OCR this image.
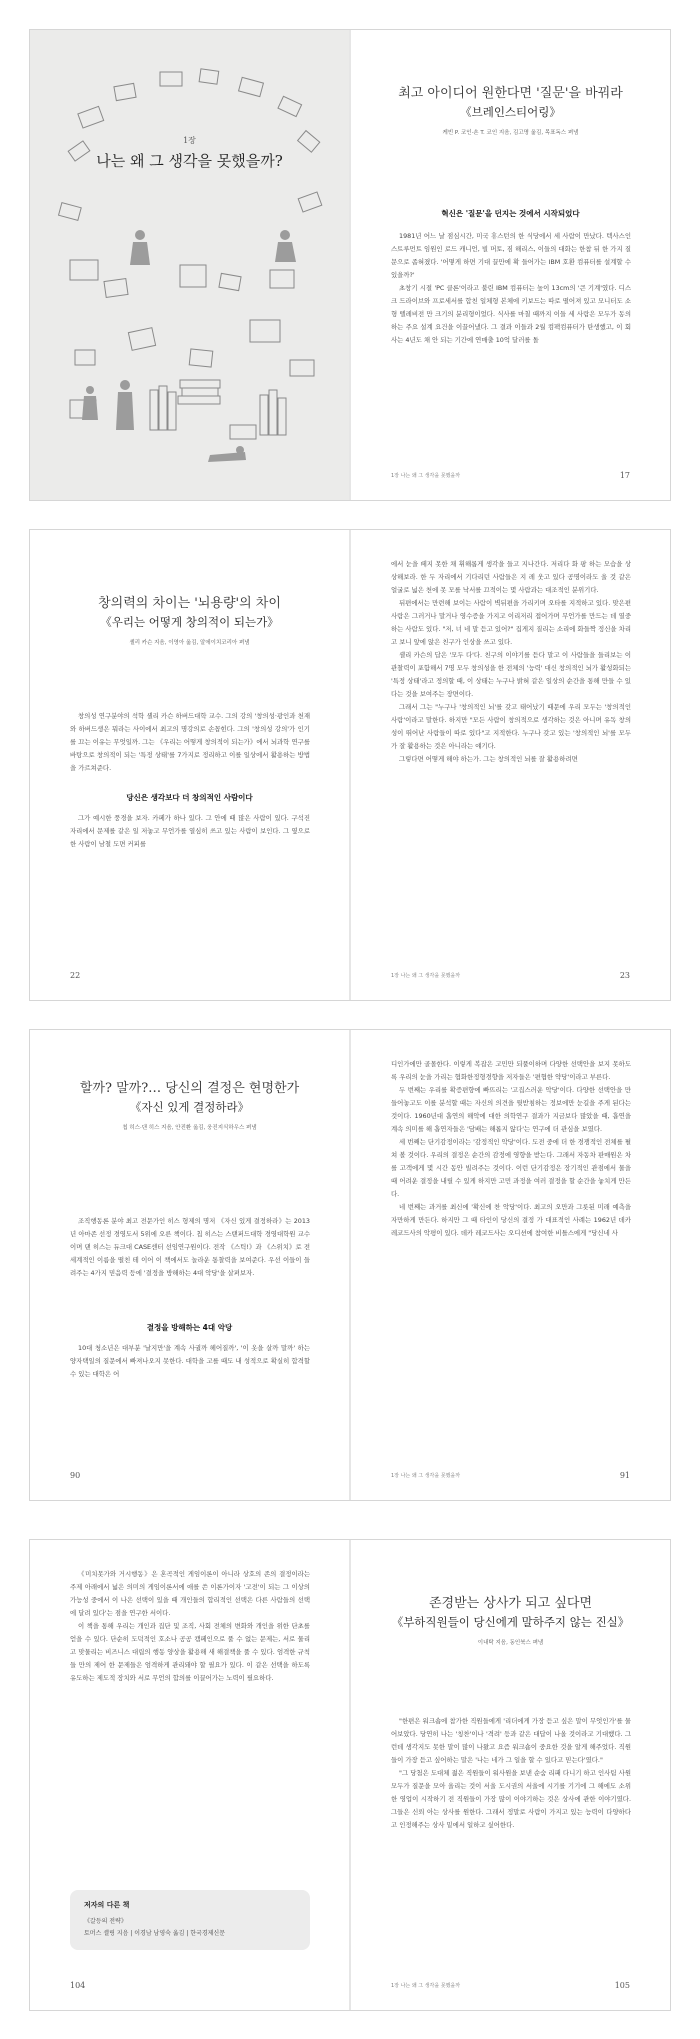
1장
나는 왜 그 생각을 못했을까?
최고 아이디어 원한다면 '질문'을 바꿔라
《브레인스티어링》
케빈 P. 코인·숀 T. 코인 지음, 김고명 옮김, 목표독스 펴냄
혁신은 '질문'을 던지는 것에서 시작되었다

1981년 어느 날 점심시간, 미국 휴스턴의 한 식당에서 세 사람이 만났다. 텍사스인스트루먼트 임원인 로드 캐니언, 빌 머토, 짐 해리스, 이들의 대화는 한참 뒤 한 가지 질문으로 좁혀졌다. '어떻게 하면 기대 끌만에 확 들어가는 IBM 호환 컴퓨터를 설계할 수 있을까?'

초창기 시절 'PC 클론'이라고 불린 IBM 컴퓨터는 높이 13cm의 '큰 기계'였다. 디스크 드라이브와 프로세서를 합친 일체형 본체에 키보드는 따로 떨어져 있고 모니터도 소형 텔레비전 만 크기의 분리형이었다. 식사를 마칠 때까지 이들 세 사람은 모두가 동의하는 주요 설계 요건을 이끌어냈다. 그 결과 이들과 2월 컴팩컴퓨터가 탄생했고, 이 회사는 4년도 채 안 되는 기간에 연매출 10억 달러를 돌

1장 나는 왜 그 생각을 못했을까	17
창의력의 차이는 '뇌용량'의 차이
《우리는 어떻게 창의적이 되는가》
셸리 카슨 지음, 이영아 옮김, 알에이치코리아 펴냄

창의성 연구분야의 석학 셸리 카슨 하버드대학 교수. 그의 강의 '창의성·광인과 천재와 하버드생은 뭐라는 사이에서 최고의 명강의로 손꼽힌다. 그의 '창의성 강의'가 인기를 끄는 이유는 무엇일까. 그는 《우리는 어떻게 창의적이 되는가》에서 뇌과학 연구를 바탕으로 창의적이 되는 '특정 상태'를 7가지로 정리하고 이를 일상에서 활용하는 방법을 가르쳐준다.

당신은 생각보다 더 창의적인 사람이다

그가 예시한 풍경을 보자. 카페가 하나 있다. 그 안에 때 많은 사람이 있다. 구석진 자리에서 문제를 같은 일 저놓고 무언가를 열심히 쓰고 있는 사람이 보인다. 그 옆으로 한 사람이 남철 도면 커피를

22

에서 눈을 떼지 못한 채 휘해롭게 생각을 들고 지나간다. 저리다 화 팡 하는 모습을 상상해보라. 한 두 자리에서 기다리던 사람들은 지 레 웃고 있다 공명이라도 울 것 같은 얼굴로 넓은 천에 못 모를 낙서를 끄적이는 몇 사람과는 대조적인 분위기다.

뒤편에서는 만련해 보이는 사람이 벽뒤편을 가리키며 오타를 지적하고 있다. 맞은편 사람은 그러거나 말거나 영수증을 가지고 이리저리 접어가며 무언가를 만드는 데 열중하는 사람도 있다. "저, 너 네 말 듣고 있어?" 집게지 질리는 소리에 화들짝 정신을 차리고 보니 앞에 앉은 친구가 인상을 쓰고 있다.

셸리 카슨의 답은 '모두 다'다. 친구의 이야기를 듣다 말고 이 사람들을 들리보는 이 관찰력이 포함해서 7명 모두 창의성을 한 전체의 '능력' 대신 창의적인 뇌가 활성화되는 '특정 상태'라고 정의할 때, 이 상태는 누구나 밝혀 같은 일상의 순간을 통해 만들 수 있다는 것을 보여주는 장면이다.

그래서 그는 "누구나 '창의적인 뇌'를 갖고 태어났기 때문에 우리 모두는 '창의적인 사람'이라고 말한다. 하지만 "모든 사람이 창의적으로 생각하는 것은 아니며 유독 창의성이 뛰어난 사람들이 따로 있다"고 지적한다. 누구나 갖고 있는 '창의적인 뇌'를 모두가 잘 활용하는 것은 아니라는 얘기다.

그렇다면 어떻게 해야 하는가. 그는 창의적인 뇌를 잘 활용하려면

1장 나는 왜 그 생각을 못했을까	23
할까? 말까?… 당신의 결정은 현명한가
《자신 있게 결정하라》
칩 히스·댄 히스 지음, 안진환 옮김, 웅진지식하우스 펴냄

조직행동론 분야 최고 전문가인 히스 형제의 명저 《자신 있게 결정하라》는 2013년 아마존 선정 경영도서 5위에 오른 책이다. 칩 히스는 스탠퍼드대학 경영대학원 교수이며 댄 히스는 듀크대 CASE센터 선임연구원이다. 전작 《스틱!》과 《스위치》로 전 세계적인 이름을 떨친 테 이어 이 책에서도 놀라운 통찰력을 보여준다. 우선 이들이 들려주는 4가지 믿음력 등에 '결정을 방해하는 4대 악당'을 살펴보자.

결정을 방해하는 4대 악당

10대 청소년은 대부분 '날지만'을 계속 사귈까 헤어질까', '이 옷을 살까 말까' 하는 양자택일의 질문에서 빠져나오지 못한다. 대학을 고를 때도 내 성적으로 확실히 합격할 수 있는 대학은 어

90

디인가에만 골몰한다. 이렇게 복잡은 고민만 되풀이하며 다양한 선택안을 보지 못하도록 우리의 눈을 가리는 협화한정형경향을 저자들은 '편협한 약당'이라고 부른다.

두 번째는 우리를 확증편향에 빠뜨리는 '고집스러운 악당'이다. 다양한 선택안을 만들어놓고도 이를 분석할 때는 자신의 의견을 뒷받침하는 정보에만 눈길을 주게 된다는 것이다. 1960년대 흡연의 해악에 대한 의학연구 결과가 지금보다 많았을 때, 흡연을 계속 의미를 해 흡연자들은 '담배는 해롭지 않다'는 연구에 더 관심을 보였다.

세 번째는 단기감정이라는 '감정적인 악당'이다. 도전 중에 더 한 경쟁적인 전체를 펼쳐 볼 것이다. 우리의 결정은 순간의 감정에 영향을 받는다. 그래서 자동차 판매원은 차를 고객에게 몇 시간 동안 빌려주는 것이다. 이런 단기감정은 장기적인 관점에서 물을 때 어려운 결정을 내릴 수 있게 하지만 고민 과정을 여러 결정을 할 순간을 놓치게 만든다.

네 번째는 과거를 최신에 '확신에 찬 악당'이다. 최고의 오만과 그릇된 미래 예측을 자만하게 만든다. 하지만 그 때 타인이 당신의 결정 가 대표적인 사례는 1962년 데카 레코드사의 악평이 있다. 데카 레코드사는 오디션에 참여한 비틀스에게 "당신네 사

1장 나는 왜 그 생각을 못했을까	91

《미치못가와 거시행동》은 혼곡적인 게임이론이 아니라 상호의 존의 결정이라는 주제 아래에서 넓은 의미의 게임이론서에 애를 쓴 이론가이자 '고전'이 되는 그 이상의 가능성 중에서 이 나은 선택이 있을 때 개인들의 합리적인 선택은 다른 사람들의 선택에 달려 있다'는 점을 연구한 서이다.

이 책을 통해 우리는 개인과 집단 및 조직, 사회 전체의 변화와 개인을 위한 단초를 얻을 수 있다. 단순히 도덕적인 호소나 공공 캠페인으로 풀 수 없는 문제는, 서로 물리고 맞물리는 비즈니스 대립의 행동 양상을 활용해 새 해결책을 풀 수 있다. 엄격한 규칙들 만의 제어 한 문제들은 엄격하게 관리돼야 할 필요가 있다. 이 같은 선택을 하도록 유도하는 제도적 장치와 서로 무언의 합의를 이끌어가는 노력이 필요하다.

저자의 다른 책
《갈등의 전략》
토머스 셸링 지음 | 이경남 남영숙 옮김 | 한국경제신문
104
존경받는 상사가 되고 싶다면
《부하직원들이 당신에게 말하주지 않는 진실》
이내탁 지음, 동인북스 펴냄

"한편은 워크숍에 참가한 직원들에게 '리더에게 가장 듣고 싶은 말이 무엇인가'를 물어보았다. 당연히 나는 '칭찬'이나 '격려' 등과 같은 대답이 나올 것이라고 기대했다. 그런데 생각지도 못한 말이 많이 나왔고 요즘 워크숍이 중요한 것을 알게 해주었다. 직원들이 가장 듣고 싶어하는 말은 '나는 네가 그 일을 할 수 있다고 믿는다'였다."

"그 당첨은 도대체 젊은 직원들이 워사원을 보낸 순숨 리패 다니기 하고 인사팀 사원 모두가 질문을 모아 올리는 것이 서울 도시권의 서울에 시기를 기기에 그 해에도 소위한 영업이 시작하기 전 직원들이 가장 많이 이야기하는 것은 상사에 관한 이야기였다. 그들은 신뢰 아는 상사를 원한다. 그래서 정말로 사람이 가지고 있는 능력이 다양하다고 인정해주는 상사 밑에서 일하고 싶어한다.

1장 나는 왜 그 생각을 못했을까	105
